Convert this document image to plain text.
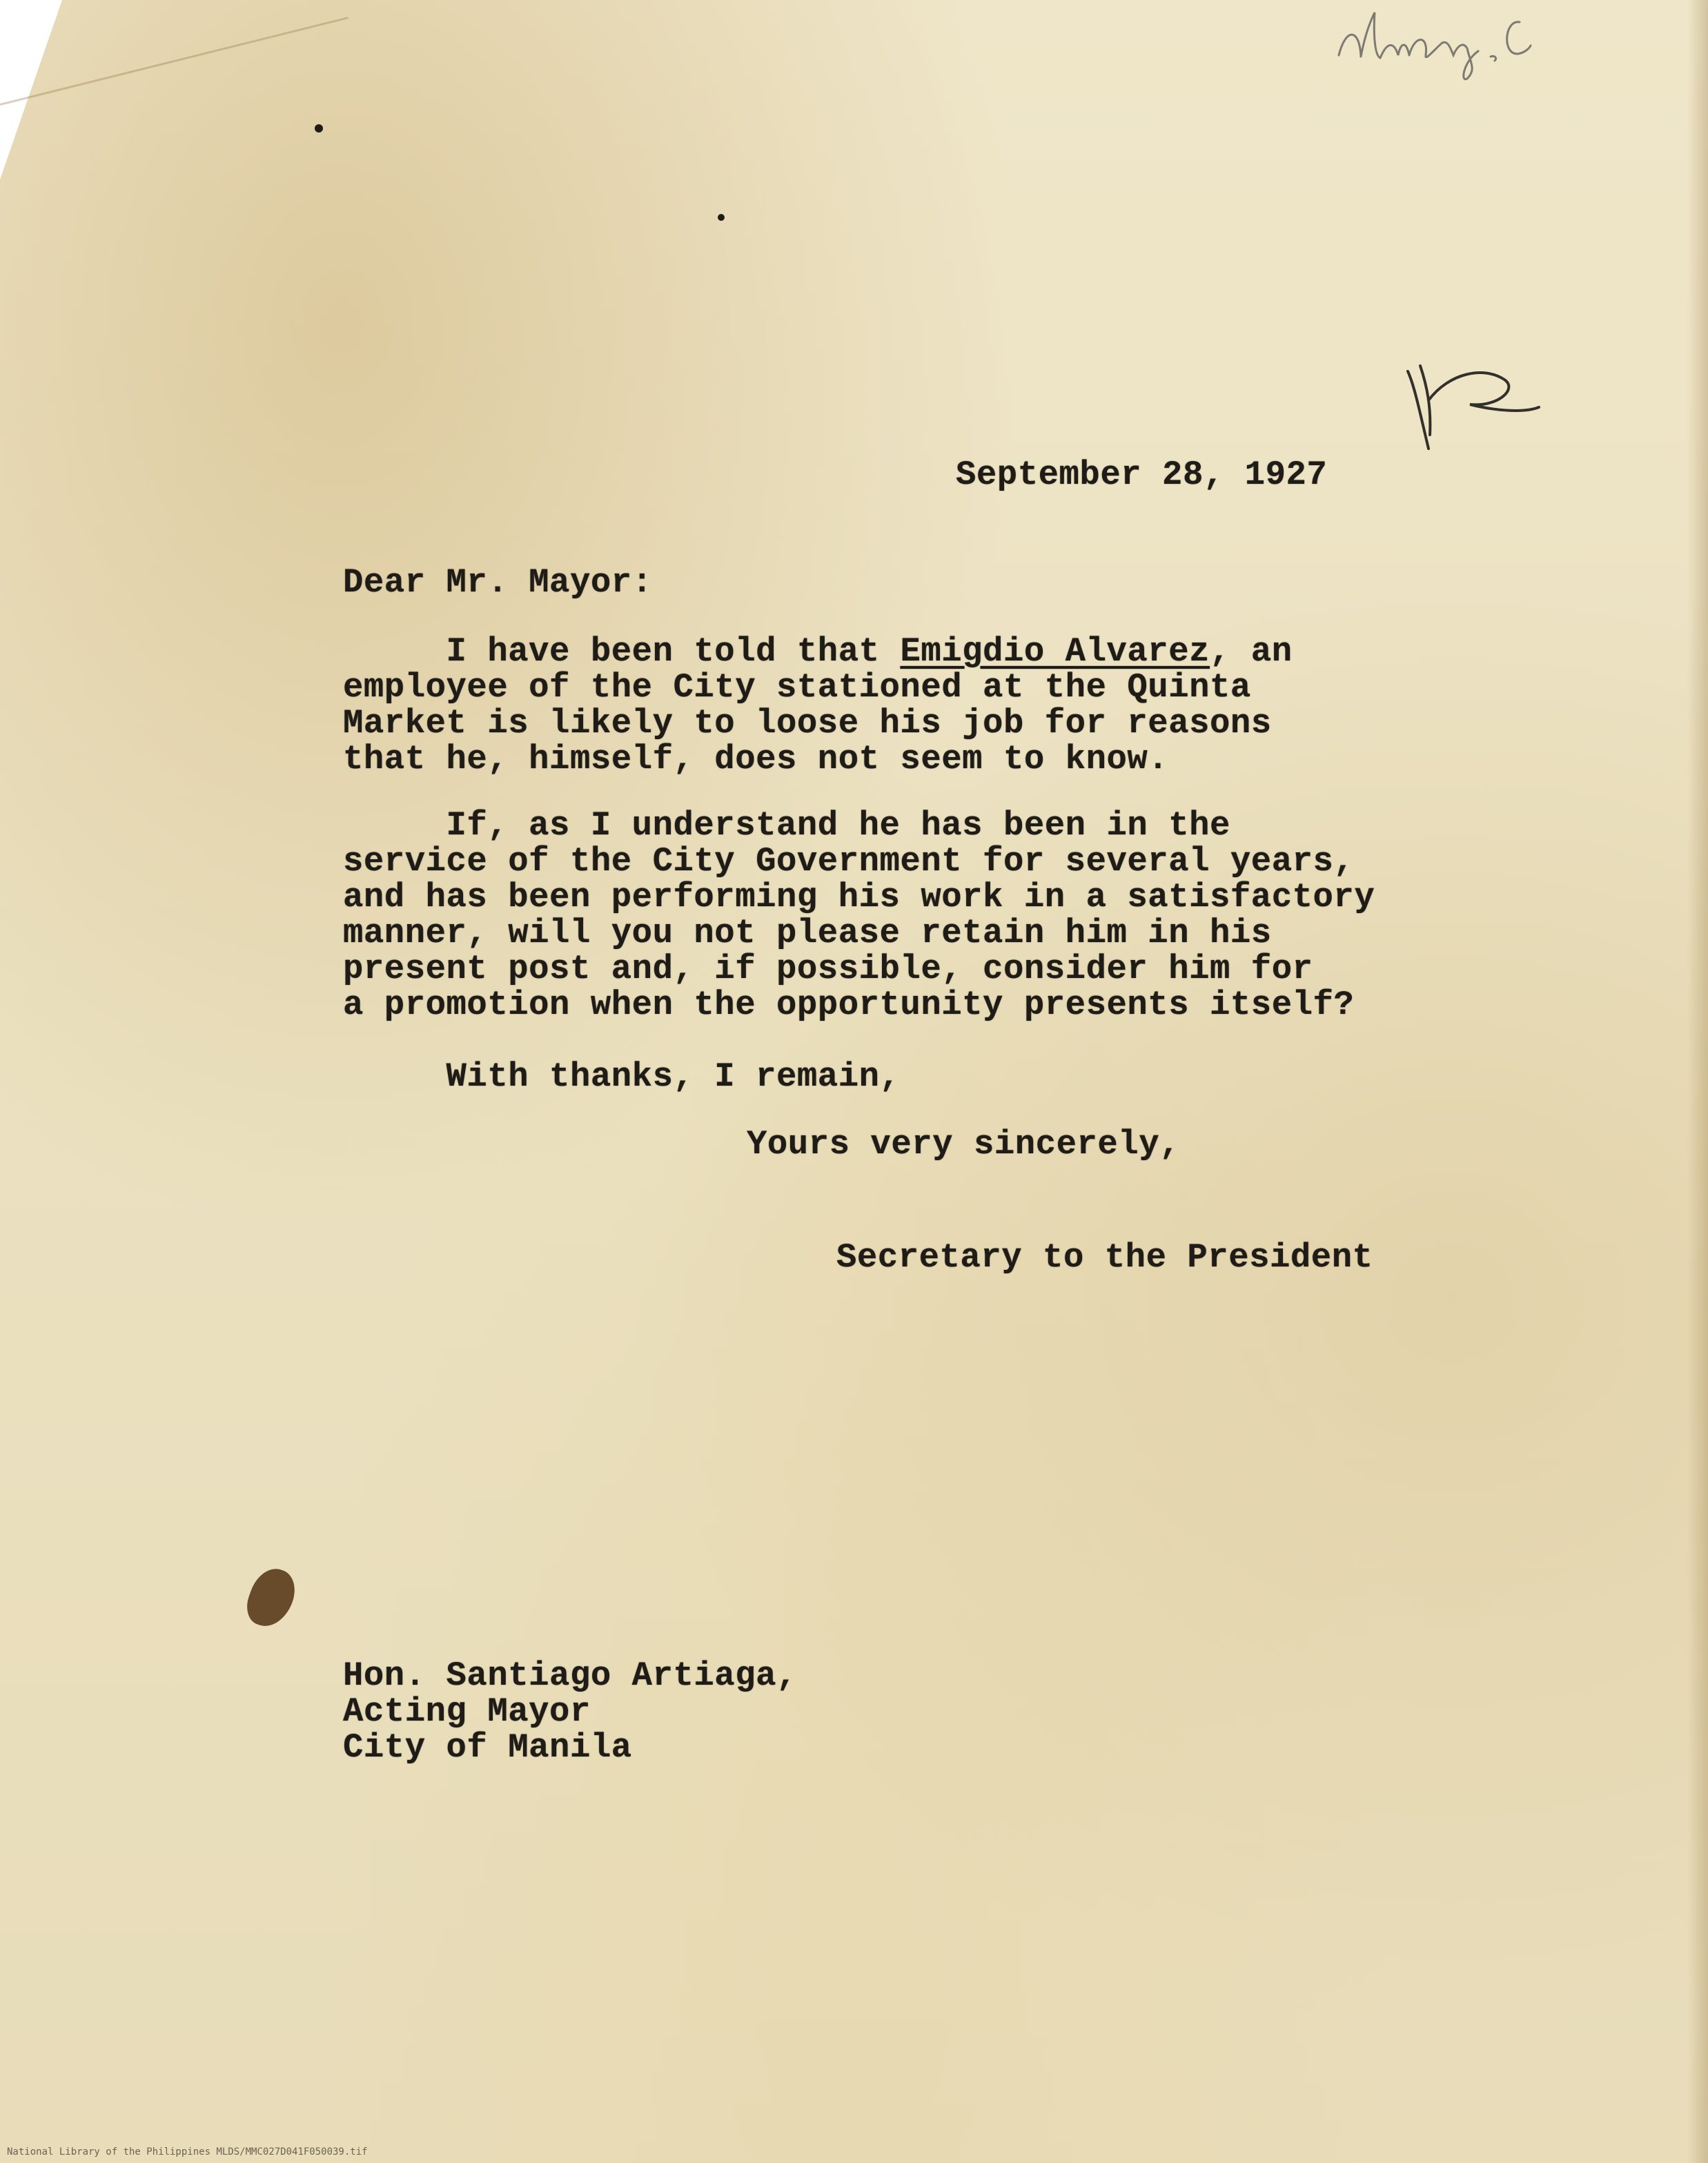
September 28, 1927
Dear Mr. Mayor:
I have been told that Emigdio Alvarez, an
employee of the City stationed at the Quinta
Market is likely to loose his job for reasons
that he, himself, does not seem to know.
If, as I understand he has been in the
service of the City Government for several years,
and has been performing his work in a satisfactory
manner, will you not please retain him in his
present post and, if possible, consider him for
a promotion when the opportunity presents itself?
With thanks, I remain,
Yours very sincerely,
Secretary to the President
Hon. Santiago Artiaga,
Acting Mayor
City of Manila
National Library of the Philippines MLDS/MMC027D041F050039.tif
